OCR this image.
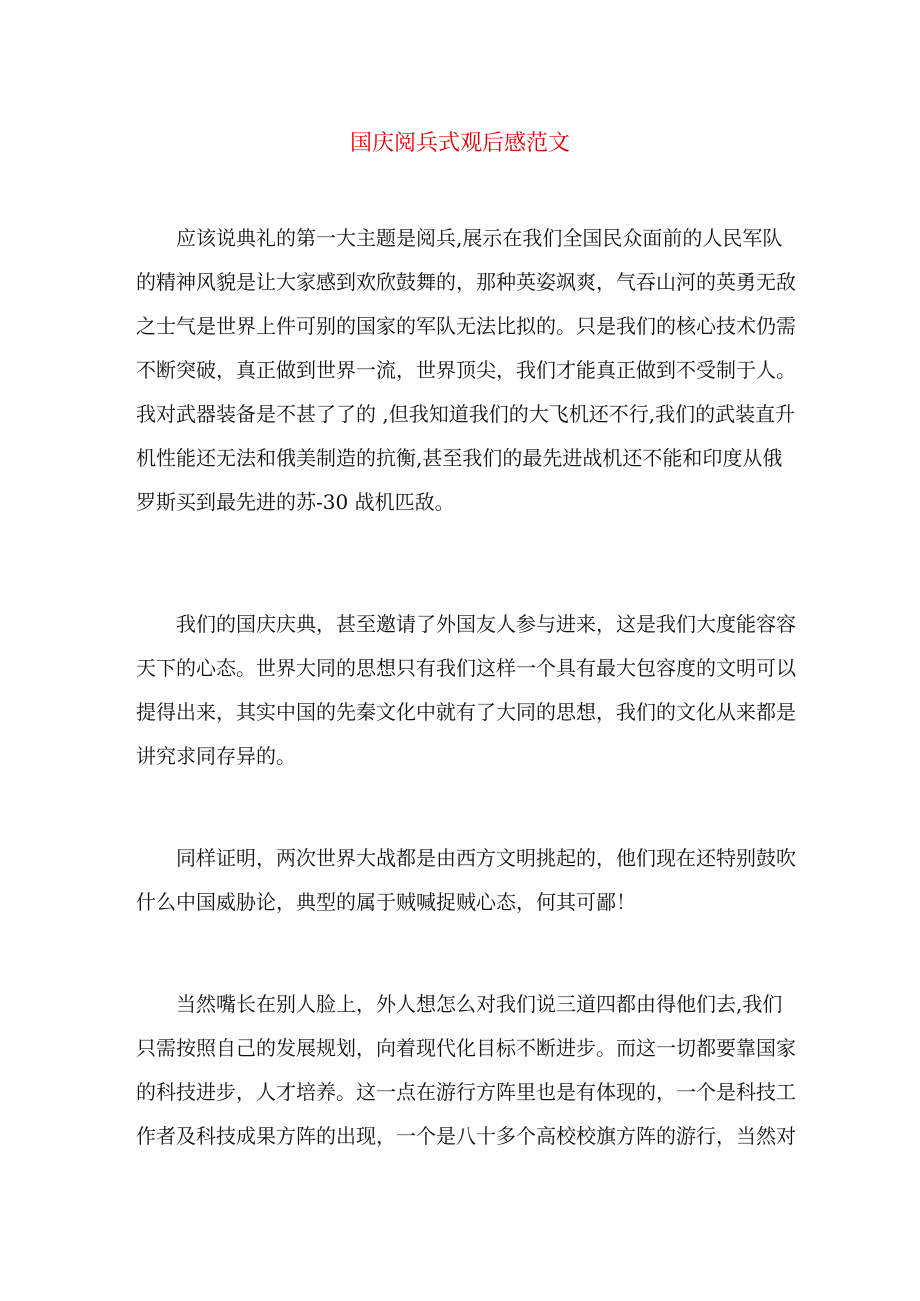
国庆阅兵式观后感范文
应该说典礼的第一大主题是阅兵,展示在我们全国民众面前的人民军队
的精神风貌是让大家感到欢欣鼓舞的，那种英姿飒爽，气吞山河的英勇无敌
之士气是世界上件可别的国家的军队无法比拟的。只是我们的核心技术仍需
不断突破，真正做到世界一流，世界顶尖，我们才能真正做到不受制于人。
我对武器装备是不甚了了的 ,但我知道我们的大飞机还不行,我们的武装直升
机性能还无法和俄美制造的抗衡,甚至我们的最先进战机还不能和印度从俄
罗斯买到最先进的苏-30 战机匹敌。
我们的国庆庆典，甚至邀请了外国友人参与进来，这是我们大度能容容
天下的心态。世界大同的思想只有我们这样一个具有最大包容度的文明可以
提得出来，其实中国的先秦文化中就有了大同的思想，我们的文化从来都是
讲究求同存异的。
同样证明，两次世界大战都是由西方文明挑起的，他们现在还特别鼓吹
什么中国威胁论，典型的属于贼喊捉贼心态，何其可鄙！
当然嘴长在别人脸上，外人想怎么对我们说三道四都由得他们去,我们
只需按照自己的发展规划，向着现代化目标不断进步。而这一切都要靠国家
的科技进步，人才培养。这一点在游行方阵里也是有体现的，一个是科技工
作者及科技成果方阵的出现，一个是八十多个高校校旗方阵的游行，当然对
